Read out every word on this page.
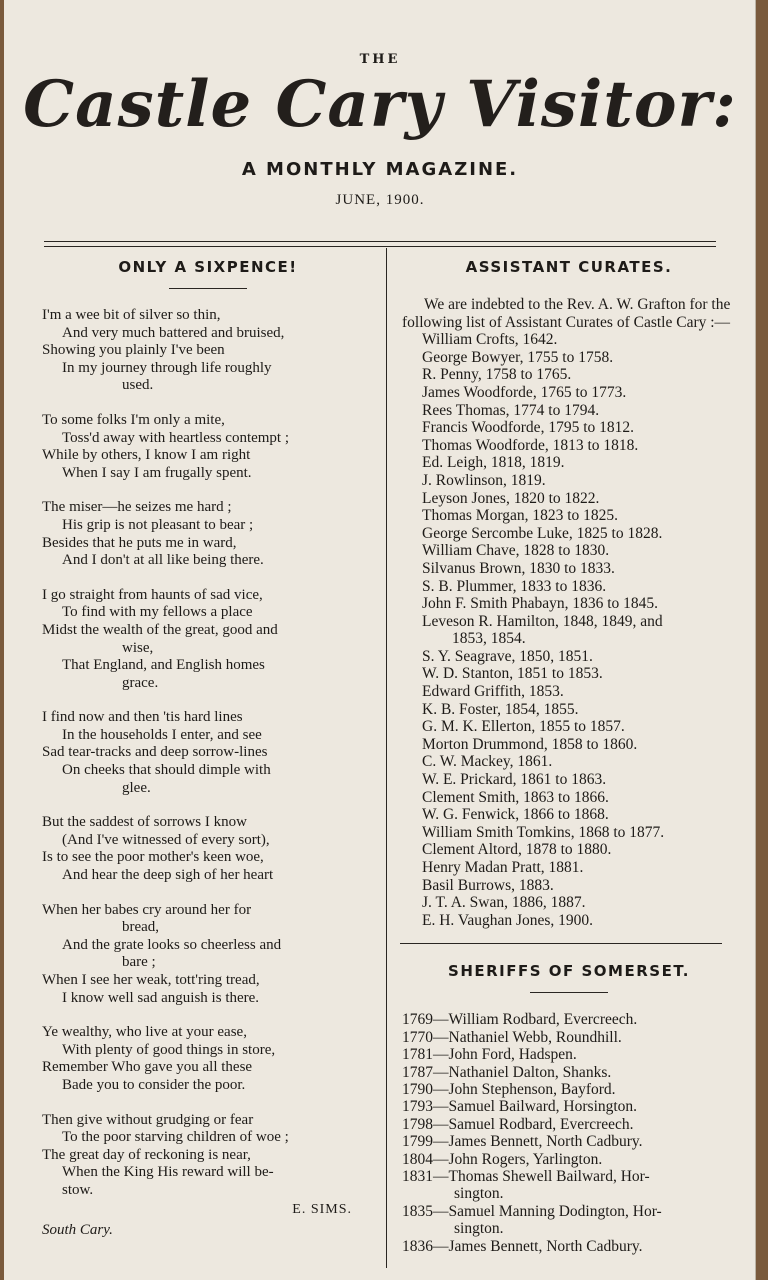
THE
Castle Cary Visitor:
A MONTHLY MAGAZINE.
JUNE, 1900.
ONLY A SIXPENCE!
I'm a wee bit of silver so thin,
And very much battered and bruised,
Showing you plainly I've been
In my journey through life roughly
used.
To some folks I'm only a mite,
Toss'd away with heartless contempt ;
While by others, I know I am right
When I say I am frugally spent.
The miser—he seizes me hard ;
His grip is not pleasant to bear ;
Besides that he puts me in ward,
And I don't at all like being there.
I go straight from haunts of sad vice,
To find with my fellows a place
Midst the wealth of the great, good and
wise,
That England, and English homes
grace.
I find now and then 'tis hard lines
In the households I enter, and see
Sad tear-tracks and deep sorrow-lines
On cheeks that should dimple with
glee.
But the saddest of sorrows I know
(And I've witnessed of every sort),
Is to see the poor mother's keen woe,
And hear the deep sigh of her heart
When her babes cry around her for
bread,
And the grate looks so cheerless and
bare ;
When I see her weak, tott'ring tread,
I know well sad anguish is there.
Ye wealthy, who live at your ease,
With plenty of good things in store,
Remember Who gave you all these
Bade you to consider the poor.
Then give without grudging or fear
To the poor starving children of woe ;
The great day of reckoning is near,
When the King His reward will be-
stow.
E. SIMS.
South Cary.
ASSISTANT CURATES.
We are indebted to the Rev. A. W. Grafton for the following list of Assistant Curates of Castle Cary :—
William Crofts, 1642.
George Bowyer, 1755 to 1758.
R. Penny, 1758 to 1765.
James Woodforde, 1765 to 1773.
Rees Thomas, 1774 to 1794.
Francis Woodforde, 1795 to 1812.
Thomas Woodforde, 1813 to 1818.
Ed. Leigh, 1818, 1819.
J. Rowlinson, 1819.
Leyson Jones, 1820 to 1822.
Thomas Morgan, 1823 to 1825.
George Sercombe Luke, 1825 to 1828.
William Chave, 1828 to 1830.
Silvanus Brown, 1830 to 1833.
S. B. Plummer, 1833 to 1836.
John F. Smith Phabayn, 1836 to 1845.
Leveson R. Hamilton, 1848, 1849, and
1853, 1854.
S. Y. Seagrave, 1850, 1851.
W. D. Stanton, 1851 to 1853.
Edward Griffith, 1853.
K. B. Foster, 1854, 1855.
G. M. K. Ellerton, 1855 to 1857.
Morton Drummond, 1858 to 1860.
C. W. Mackey, 1861.
W. E. Prickard, 1861 to 1863.
Clement Smith, 1863 to 1866.
W. G. Fenwick, 1866 to 1868.
William Smith Tomkins, 1868 to 1877.
Clement Altord, 1878 to 1880.
Henry Madan Pratt, 1881.
Basil Burrows, 1883.
J. T. A. Swan, 1886, 1887.
E. H. Vaughan Jones, 1900.
SHERIFFS OF SOMERSET.
1769—William Rodbard, Evercreech.
1770—Nathaniel Webb, Roundhill.
1781—John Ford, Hadspen.
1787—Nathaniel Dalton, Shanks.
1790—John Stephenson, Bayford.
1793—Samuel Bailward, Horsington.
1798—Samuel Rodbard, Evercreech.
1799—James Bennett, North Cadbury.
1804—John Rogers, Yarlington.
1831—Thomas Shewell Bailward, Hor-
sington.
1835—Samuel Manning Dodington, Hor-
sington.
1836—James Bennett, North Cadbury.
